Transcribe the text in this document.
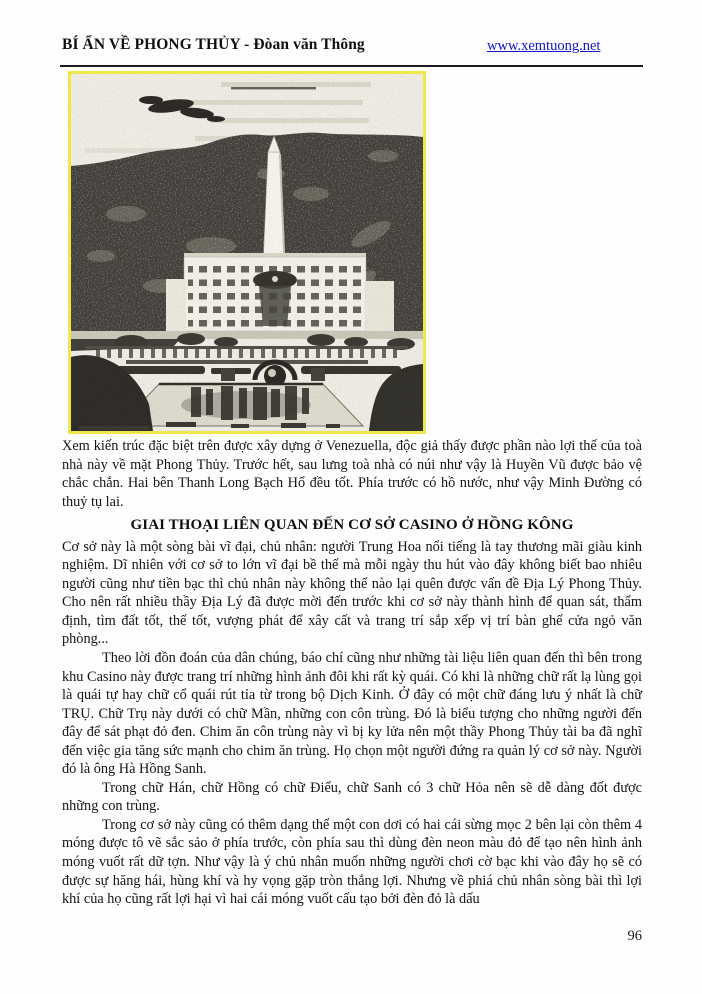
BÍ ẨN VỀ PHONG THỦY - Đòan văn Thông	www.xemtuong.net

Xem kiến trúc đặc biệt trên được xây dựng ở Venezuella, độc giả thấy được phần nào lợi thế của toà nhà này về mặt Phong Thủy. Trước hết, sau lưng toà nhà có núi như vậy là Huyền Vũ được bảo vệ chắc chắn. Hai bên Thanh Long Bạch Hổ đều tốt. Phía trước có hồ nước, như vậy Minh Đường có thuỷ tụ lai.

GIAI THOẠI LIÊN QUAN ĐẾN CƠ SỞ CASINO Ở HỒNG KÔNG

Cơ sở này là một sòng bài vĩ đại, chủ nhân: người Trung Hoa nổi tiếng là tay thương mãi giàu kinh nghiệm. Dĩ nhiên với cơ sở to lớn vĩ đại bề thế mà mỗi ngày thu hút vào đây không biết bao nhiêu người cũng như tiền bạc thì chủ nhân này không thể nào lại quên được vấn đề Địa Lý Phong Thủy. Cho nên rất nhiều thầy Địa Lý đã được mời đến trước khi cơ sở này thành hình để quan sát, thẩm định, tìm đất tốt, thế tốt, vượng phát để xây cất và trang trí sắp xếp vị trí bàn ghế cửa ngỏ văn phòng...

Theo lời đồn đoán của dân chúng, báo chí cũng như những tài liệu liên quan đến thì bên trong khu Casino này được trang trí những hình ảnh đôi khi rất kỳ quái. Có khi là những chữ rất lạ lùng gọi là quái tự hay chữ cổ quái rút tỉa từ trong bộ Dịch Kinh. Ở đây có một chữ đáng lưu ý nhất là chữ TRỤ. Chữ Trụ này dưới có chữ Mần, những con côn trùng. Đó là biểu tượng cho những người đến đây để sát phạt đỏ đen. Chim ăn côn trùng này vì bị ky lửa nên một thầy Phong Thủy tài ba đã nghĩ đến việc gia tăng sức mạnh cho chim ăn trùng. Họ chọn một người đứng ra quản lý cơ sở này. Người đó là ông Hà Hồng Sanh.

Trong chữ Hán, chữ Hồng có chữ Điểu, chữ Sanh có 3 chữ Hỏa nên sẽ dễ dàng đốt được những con trùng.

Trong cơ sở này cũng có thêm dạng thể một con dơi có hai cái sừng mọc 2 bên lại còn thêm 4 móng được tô vẽ sắc sảo ở phía trước, còn phía sau thì dùng đèn neon màu đỏ để tạo nên hình ảnh móng vuốt rất dữ tợn. Như vậy là ý chủ nhân muốn những người chơi cờ bạc khi vào đây họ sẽ có được sự hăng hái, hùng khí và hy vọng gặp tròn thắng lợi. Nhưng về phiá chủ nhân sòng bài thì lợi khí của họ cũng rất lợi hại vì hai cái móng vuốt cấu tạo bởi đèn đỏ là dấu

96
